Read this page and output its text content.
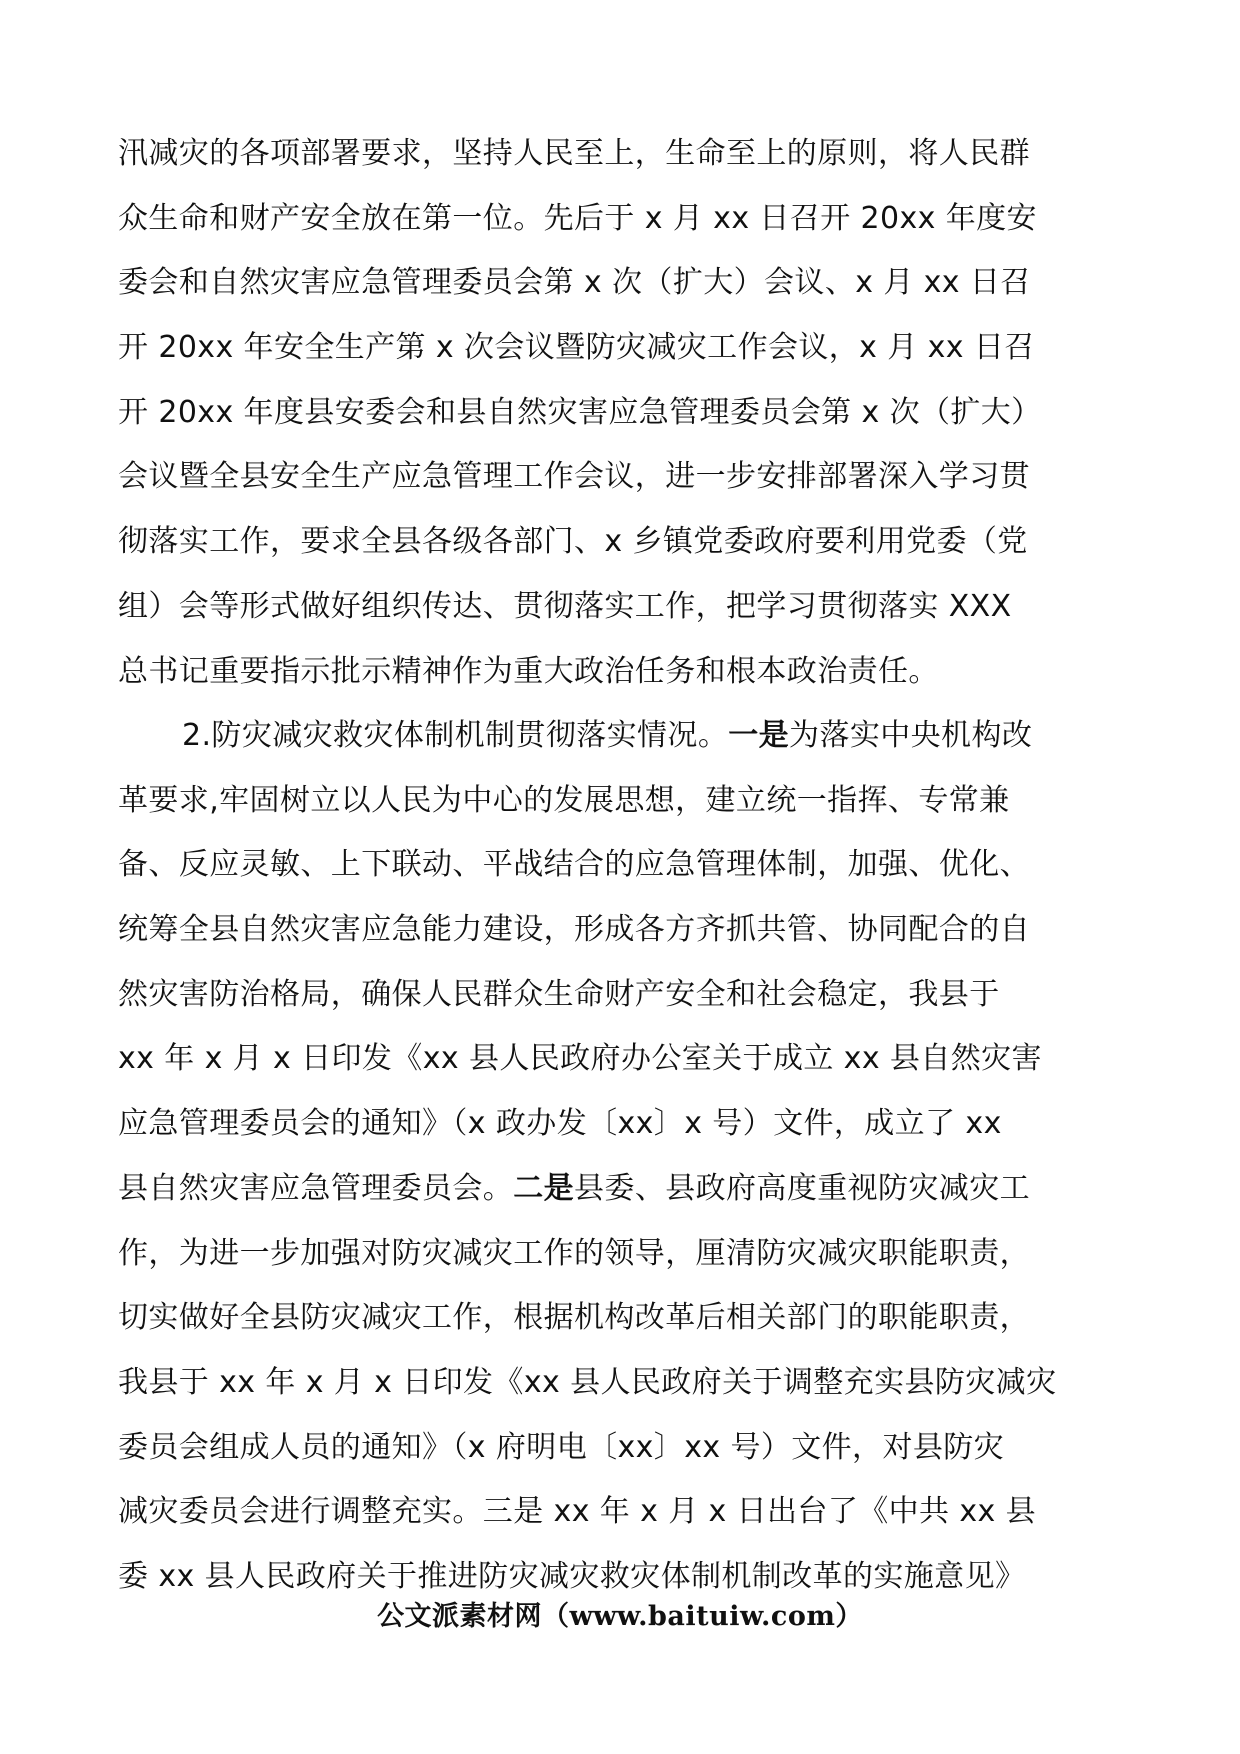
汛减灾的各项部署要求，坚持人民至上，生命至上的原则，将人民群
众生命和财产安全放在第一位。先后于 x 月 xx 日召开 20xx 年度安
委会和自然灾害应急管理委员会第 x 次（扩大）会议、x 月 xx 日召
开 20xx 年安全生产第 x 次会议暨防灾减灾工作会议，x 月 xx 日召
开 20xx 年度县安委会和县自然灾害应急管理委员会第 x 次（扩大）
会议暨全县安全生产应急管理工作会议，进一步安排部署深入学习贯
彻落实工作，要求全县各级各部门、x 乡镇党委政府要利用党委（党
组）会等形式做好组织传达、贯彻落实工作，把学习贯彻落实 XXX
总书记重要指示批示精神作为重大政治任务和根本政治责任。
2.防灾减灾救灾体制机制贯彻落实情况。一是为落实中央机构改
革要求,牢固树立以人民为中心的发展思想，建立统一指挥、专常兼
备、反应灵敏、上下联动、平战结合的应急管理体制，加强、优化、
统筹全县自然灾害应急能力建设，形成各方齐抓共管、协同配合的自
然灾害防治格局，确保人民群众生命财产安全和社会稳定，我县于
xx 年 x 月 x 日印发《xx 县人民政府办公室关于成立 xx 县自然灾害
应急管理委员会的通知》（x 政办发〔xx〕x 号）文件，成立了 xx
县自然灾害应急管理委员会。二是县委、县政府高度重视防灾减灾工
作，为进一步加强对防灾减灾工作的领导，厘清防灾减灾职能职责，
切实做好全县防灾减灾工作，根据机构改革后相关部门的职能职责，
我县于 xx 年 x 月 x 日印发《xx 县人民政府关于调整充实县防灾减灾
委员会组成人员的通知》（x 府明电〔xx〕xx 号）文件，对县防灾
减灾委员会进行调整充实。三是 xx 年 x 月 x 日出台了《中共 xx 县
委 xx 县人民政府关于推进防灾减灾救灾体制机制改革的实施意见》
公文派素材网（www.baituiw.com）
